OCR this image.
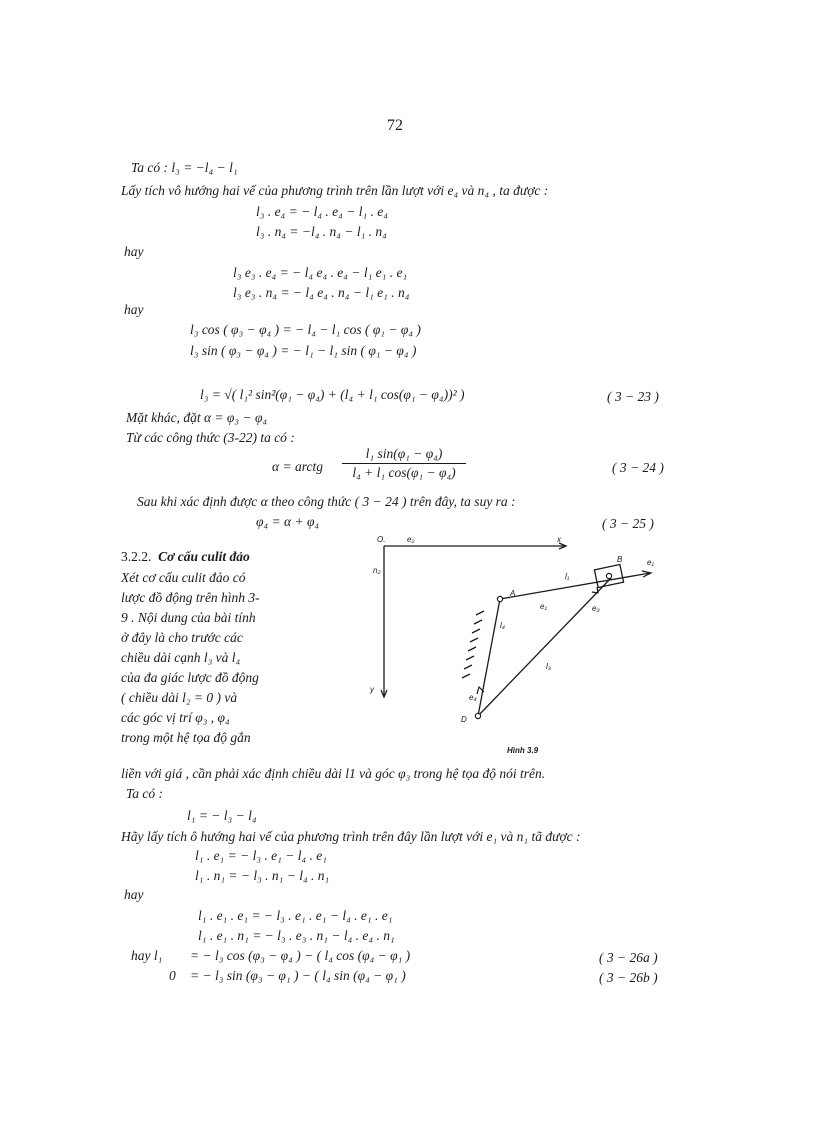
72
Ta có : l₃ = −l₄ − l₁
Lấy tích vô hướng hai vế của phương trình trên lần lượt với e₄ và n₄ , ta được :
l₃ . e₄ = − l₄ . e₄ − l₁ . e₄
l₃ . n₄ = −l₄ . n₄ − l₁ . n₄
hay
l₃ e₃ . e₄ = − l₄ e₄ . e₄ − l₁ e₁ . e₁
l₃ e₃ . n₄ = − l₄ e₄ . n₄ − l₁ e₁ . n₄
hay
l₃ cos ( φ₃ − φ₄ ) = − l₄ − l₁ cos ( φ₁ − φ₄ )
l₃ sin ( φ₃ − φ₄ ) = − l₁ − l₁ sin ( φ₁ − φ₄ )
l₃ = √( l₁² sin²(φ₁ − φ₄) + (l₄ + l₁ cos(φ₁ − φ₄))² )	( 3 − 23 )
Mặt khác, đặt α = φ₃ − φ₄
Từ các công thức (3-22) ta có :
α = arctg
l₁ sin(φ₁ − φ₄)
l₄ + l₁ cos(φ₁ − φ₄)	( 3 − 24 )
Sau khi xác định được α theo công thức ( 3 − 24 ) trên đây, ta suy ra :
φ₄ = α + φ₄	( 3 − 25 )
3.2.2. Cơ cấu culit đảo
Xét cơ cấu culit đảo có
lược đồ động trên hình 3-
9 . Nội dung của bài tính
ở đây là cho trước các
chiều dài cạnh l₃ và l₄
của đa giác lược đồ động
( chiều dài l₂ = 0 ) và
các góc vị trí φ₃ , φ₄
trong một hệ tọa độ gắn
O.	e₂	x
n₂
y
A
B	e₁
l₁
e₁	e₃
l₄
l₃
e₄
D
Hình 3.9
liền với giá , cần phải xác định chiều dài l1 và góc φ₃ trong hệ tọa độ nói trên.
Ta có :
l₁ = − l₃ − l₄
Hãy lấy tích ô hướng hai vế của phương trình trên đây lần lượt với e₁ và n₁ tã được :
l₁ . e₁ = − l₃ . e₁ − l₄ . e₁
l₁ . n₁ = − l₃ . n₁ − l₄ . n₁
hay
l₁ . e₁ . e₁ = − l₃ . e₁ . e₁ − l₄ . e₁ . e₁
l₁ . e₁ . n₁ = − l₃ . e₃ . n₁ − l₄ . e₄ . n₁
hay l₁ = − l₃ cos (φ₃ − φ₄ ) − ( l₄ cos (φ₄ − φ₁ )	( 3 − 26a )
0 = − l₃ sin (φ₃ − φ₁ ) − ( l₄ sin (φ₄ − φ₁ )	( 3 − 26b )
